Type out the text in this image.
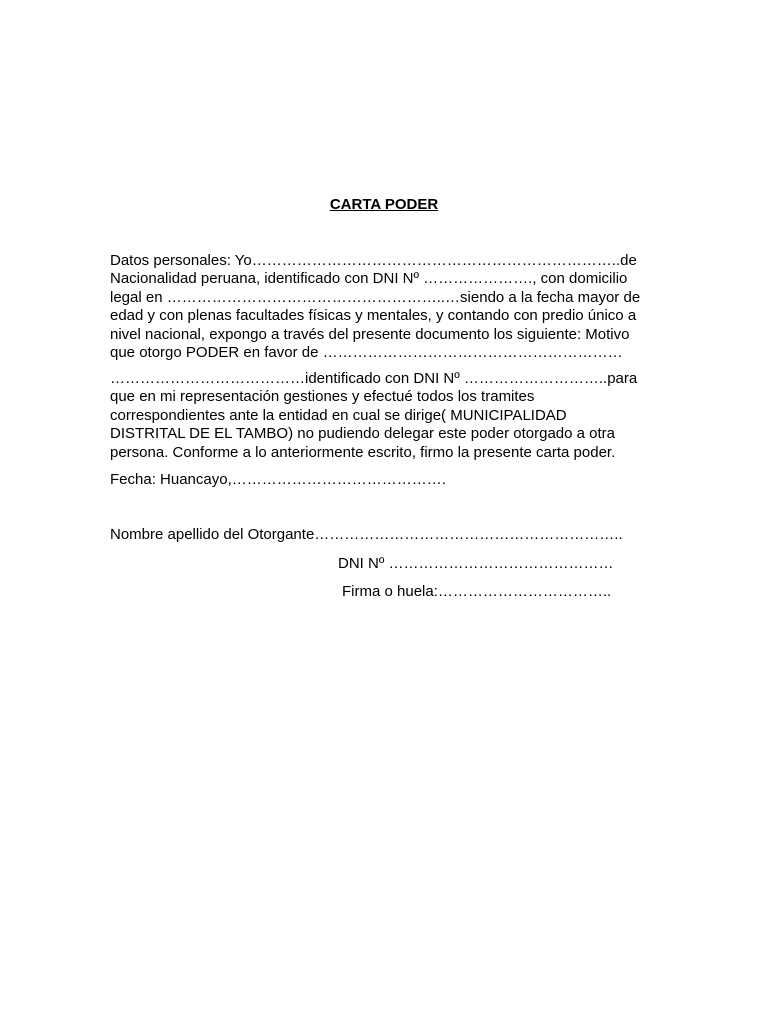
CARTA PODER
Datos personales: Yo………………………………………………………………..de
Nacionalidad peruana, identificado con DNI Nº …………………., con domicilio
legal en ………………………………………………..…siendo a la fecha mayor de
edad y con plenas facultades físicas y mentales, y contando con predio único a
nivel nacional, expongo a través del presente documento los siguiente: Motivo
que otorgo PODER en favor de ……………………………………………………
…………………………………identificado con DNI Nº ………………………..para
que en mi representación gestiones y efectué todos los tramites
correspondientes ante la entidad en cual se dirige( MUNICIPALIDAD
DISTRITAL DE EL TAMBO) no pudiendo delegar este poder otorgado a otra
persona. Conforme a lo anteriormente escrito, firmo la presente carta poder.
Fecha: Huancayo,…………………………………….
Nombre apellido del Otorgante……………………………………………………..
DNI Nº ………………………………………
Firma o huela:……………………………..
